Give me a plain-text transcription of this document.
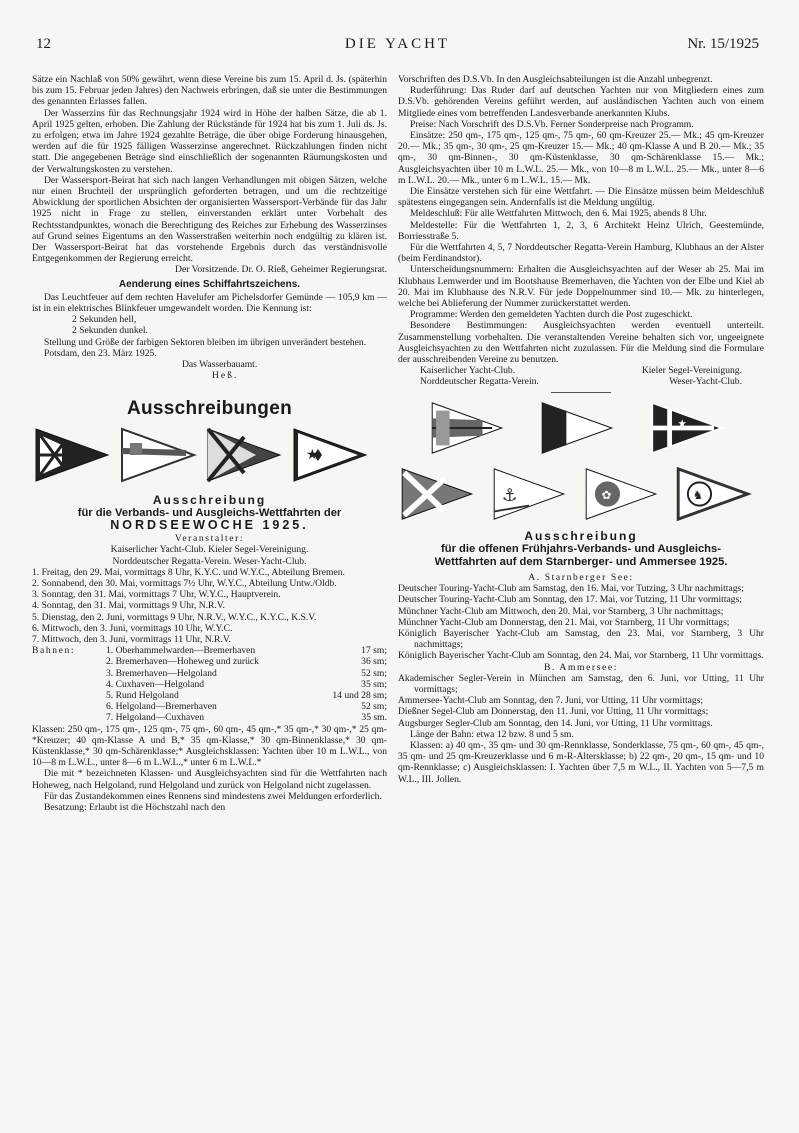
12	DIE YACHT	Nr. 15/1925

Sätze ein Nachlaß von 50% gewährt, wenn diese Vereine bis zum 15. April d. Js. (späterhin bis zum 15. Februar jeden Jahres) den Nachweis erbringen, daß sie unter die Bestimmungen des genannten Erlasses fallen.

Der Wasserzins für das Rechnungsjahr 1924 wird in Höhe der halben Sätze, die ab 1. April 1925 gelten, erhoben. Die Zahlung der Rückstände für 1924 hat bis zum 1. Juli ds. Js. zu erfolgen; etwa im Jahre 1924 gezahlte Beträge, die über obige Forderung hinausgehen, werden auf die für 1925 fälligen Wasserzinse angerechnet. Rückzahlungen finden nicht statt. Die angegebenen Beträge sind einschließlich der sogenannten Räumungskosten und der Verwaltungskosten zu verstehen.

Der Wassersport-Beirat hat sich nach langen Verhandlungen mit obigen Sätzen, welche nur einen Bruchteil der ursprünglich geforderten betragen, und um die rechtzeitige Abwicklung der sportlichen Absichten der organisierten Wassersport-Verbände für das Jahr 1925 nicht in Frage zu stellen, einverstanden erklärt unter Vorbehalt des Rechtsstandpunktes, wonach die Berechtigung des Reiches zur Erhebung des Wasserzinses auf Grund seines Eigentums an den Wasserstraßen weiterhin noch endgültig zu klären ist. Der Wassersport-Beirat hat das vorstehende Ergebnis durch das verständnisvolle Entgegenkommen der Regierung erreicht.

Der Vorsitzende. Dr. O. Rieß, Geheimer Regierungsrat.

Aenderung eines Schiffahrtszeichens.

Das Leuchtfeuer auf dem rechten Havelufer am Pichelsdorfer Gemünde — 105,9 km — ist in ein elektrisches Blinkfeuer umgewandelt worden. Die Kennung ist:

2 Sekunden hell,

2 Sekunden dunkel.

Stellung und Größe der farbigen Sektoren bleiben im übrigen unverändert bestehen.

Potsdam, den 23. März 1925.

Das Wasserbauamt.

Heß.

Ausschreibungen
★
Ausschreibung
für die Verbands- und Ausgleichs-Wettfahrten der
NORDSEEWOCHE 1925.

Veranstalter:

Kaiserlicher Yacht-Club. Kieler Segel-Vereinigung.

Norddeutscher Regatta-Verein. Weser-Yacht-Club.

1. Freitag, den 29. Mai, vormittags 8 Uhr, K.Y.C. und W.Y.C., Abteilung Bremen.
2. Sonnabend, den 30. Mai, vormittags 7½ Uhr, W.Y.C., Abteilung Untw./Oldb.
3. Sonntag, den 31. Mai, vormittags 7 Uhr, W.Y.C., Hauptverein.
4. Sonntag, den 31. Mai, vormittags 9 Uhr, N.R.V.
5. Dienstag, den 2. Juni, vormittags 9 Uhr, N.R.V., W.Y.C., K.Y.C., K.S.V.
6. Mittwoch, den 3. Juni, vormittags 10 Uhr, W.Y.C.
7. Mittwoch, den 3. Juni, vormittags 11 Uhr, N.R.V.
Bahnen:	1. Oberhammelwarden—Bremerhaven	17 sm;
2. Bremerhaven—Hoheweg und zurück	36 sm;
3. Bremerhaven—Helgoland	52 sm;
4. Cuxhaven—Helgoland	35 sm;
5. Rund Helgoland	14 und 28 sm;
6. Helgoland—Bremerhaven	52 sm;
7. Helgoland—Cuxhaven	35 sm.

Klassen: 250 qm-, 175 qm-, 125 qm-, 75 qm-, 60 qm-, 45 qm-,* 35 qm-,* 30 qm-,* 25 qm-*Kreuzer; 40 qm-Klasse A und B,* 35 qm-Klasse,* 30 qm-Binnenklasse,* 30 qm-Küstenklasse,* 30 qm-Schärenklasse;* Ausgleichsklassen: Yachten über 10 m L.W.L., von 10—8 m L.W.L., unter 8—6 m L.W.L.,* unter 6 m L.W.L.*

Die mit * bezeichneten Klassen- und Ausgleichsyachten sind für die Wettfahrten nach Hoheweg, nach Helgoland, rund Helgoland und zurück von Helgoland nicht zugelassen.

Für das Zustandekommen eines Rennens sind mindestens zwei Meldungen erforderlich.

Besatzung: Erlaubt ist die Höchstzahl nach den

Vorschriften des D.S.Vb. In den Ausgleichsabteilungen ist die Anzahl unbegrenzt.

Ruderführung: Das Ruder darf auf deutschen Yachten nur von Mitgliedern eines zum D.S.Vb. gehörenden Vereins geführt werden, auf ausländischen Yachten auch von einem Mitgliede eines vom betreffenden Landesverbande anerkannten Klubs.

Preise: Nach Vorschrift des D.S.Vb. Ferner Sonderpreise nach Programm.

Einsätze: 250 qm-, 175 qm-, 125 qm-, 75 qm-, 60 qm-Kreuzer 25.— Mk.; 45 qm-Kreuzer 20.— Mk.; 35 qm-, 30 qm-, 25 qm-Kreuzer 15.— Mk.; 40 qm-Klasse A und B 20.— Mk.; 35 qm-, 30 qm-Binnen-, 30 qm-Küstenklasse, 30 qm-Schärenklasse 15.— Mk.; Ausgleichsyachten über 10 m L.W.L. 25.— Mk., von 10—8 m L.W.L. 25.— Mk., unter 8—6 m L.W.L. 20.— Mk., unter 6 m L.W.L. 15.— Mk.

Die Einsätze verstehen sich für eine Wettfahrt. — Die Einsätze müssen beim Meldeschluß spätestens eingegangen sein. Andernfalls ist die Meldung ungültig.

Meldeschluß: Für alle Wettfahrten Mittwoch, den 6. Mai 1925, abends 8 Uhr.

Meldestelle: Für die Wettfahrten 1, 2, 3, 6 Architekt Heinz Ulrich, Geestemünde, Borriesstraße 5.

Für die Wettfahrten 4, 5, 7 Norddeutscher Regatta-Verein Hamburg, Klubhaus an der Alster (beim Ferdinandstor).

Unterscheidungsnummern: Erhalten die Ausgleichsyachten auf der Weser ab 25. Mai im Klubhaus Lemwerder und im Bootshause Bremerhaven, die Yachten von der Elbe und Kiel ab 20. Mai im Klubhause des N.R.V. Für jede Doppelnummer sind 10.— Mk. zu hinterlegen, welche bei Ablieferung der Nummer zurückerstattet werden.

Programme: Werden den gemeldeten Yachten durch die Post zugeschickt.

Besondere Bestimmungen: Ausgleichsyachten werden eventuell unterteilt. Zusammenstellung vorbehalten. Die veranstaltenden Vereine behalten sich vor, ungeeignete Ausgleichsyachten zu den Wettfahrten nicht zuzulassen. Für die Meldung sind die Formulare der ausschreibenden Vereine zu benutzen.

Kaiserlicher Yacht-Club.	Kieler Segel-Vereinigung.
Norddeutscher Regatta-Verein.	Weser-Yacht-Club.
★
⚓	✿	♞
Ausschreibung
für die offenen Frühjahrs-Verbands- und Ausgleichs-
Wettfahrten auf dem Starnberger- und Ammersee 1925.

A. Starnberger See:

Deutscher Touring-Yacht-Club am Samstag, den 16. Mai, vor Tutzing, 3 Uhr nachmittags;
Deutscher Touring-Yacht-Club am Sonntag, den 17. Mai, vor Tutzing, 11 Uhr vormittags;
Münchner Yacht-Club am Mittwoch, den 20. Mai, vor Starnberg, 3 Uhr nachmittags;
Münchner Yacht-Club am Donnerstag, den 21. Mai, vor Starnberg, 11 Uhr vormittags;
Königlich Bayerischer Yacht-Club am Samstag, den 23. Mai, vor Starnberg, 3 Uhr nachmittags;
Königlich Bayerischer Yacht-Club am Sonntag, den 24. Mai, vor Starnberg, 11 Uhr vormittags.

B. Ammersee:

Akademischer Segler-Verein in München am Samstag, den 6. Juni, vor Utting, 11 Uhr vormittags;
Ammersee-Yacht-Club am Sonntag, den 7. Juni, vor Utting, 11 Uhr vormittags;
Dießner Segel-Club am Donnerstag, den 11. Juni, vor Utting, 11 Uhr vormittags;
Augsburger Segler-Club am Sonntag, den 14. Juni, vor Utting, 11 Uhr vormittags.

Länge der Bahn: etwa 12 bzw. 8 und 5 sm.

Klassen: a) 40 qm-, 35 qm- und 30 qm-Rennklasse, Sonderklasse, 75 qm-, 60 qm-, 45 qm-, 35 qm- und 25 qm-Kreuzerklasse und 6 m-R-Altersklasse; b) 22 qm-, 20 qm-, 15 qm- und 10 qm-Rennklasse; c) Ausgleichsklassen: I. Yachten über 7,5 m W.L., II. Yachten von 5—7,5 m W.L., III. Jollen.
